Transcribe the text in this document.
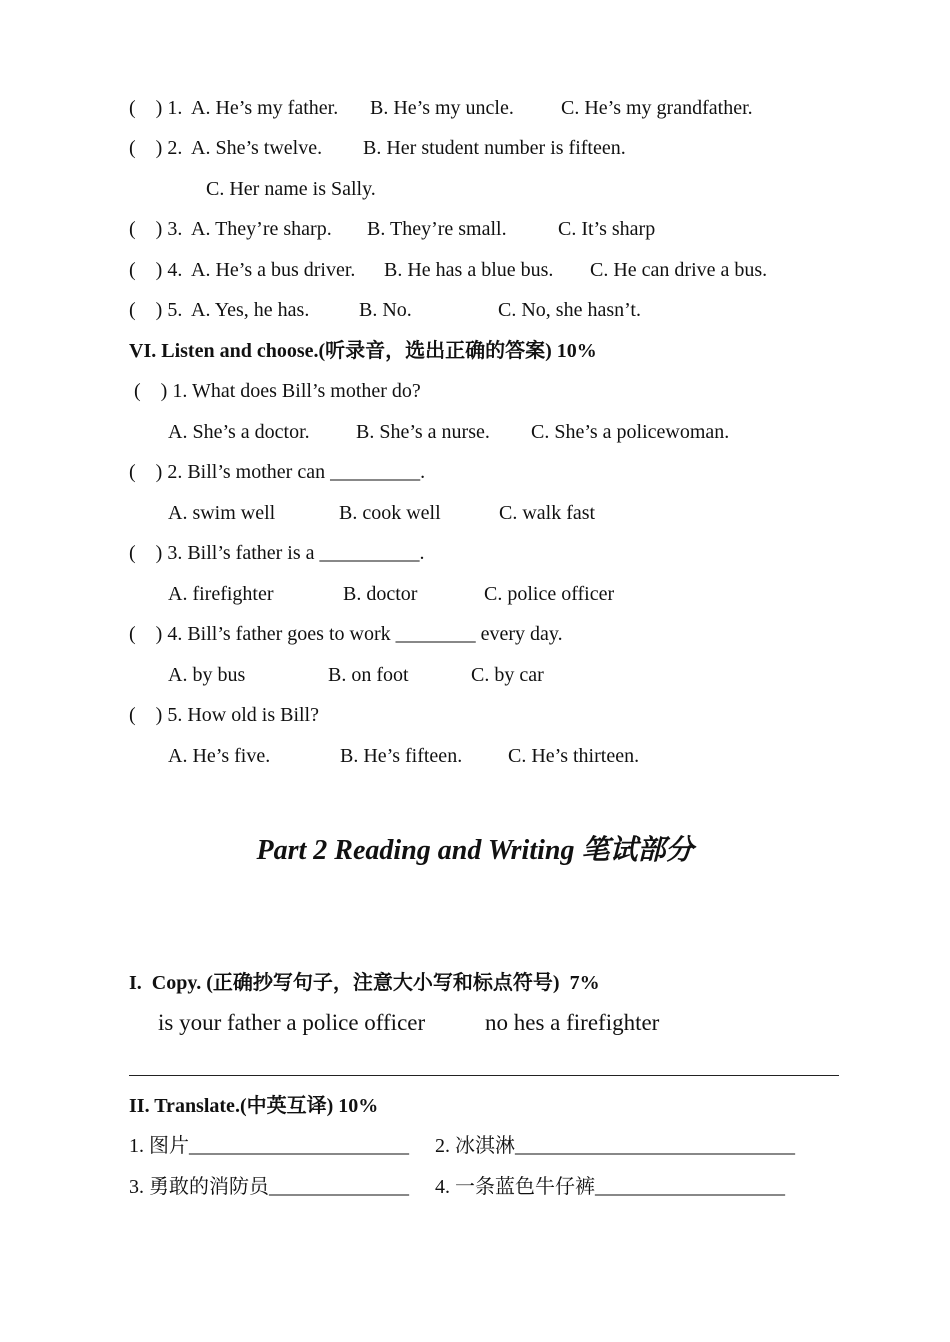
(    ) 1. A. He’s my father. B. He’s my uncle. C. He’s my grandfather.
(    ) 2. A. She’s twelve. B. Her student number is fifteen.
C. Her name is Sally.
(    ) 3. A. They’re sharp. B. They’re small.	C. It’s sharp
(    ) 4. A. He’s a bus driver. B. He has a blue bus. C. He can drive a bus.
(    ) 5. A. Yes, he has. B. No.	C. No, she hasn’t.
VI. Listen and choose.(听录音，选出正确的答案) 10%
(    ) 1. What does Bill’s mother do?
A. She’s a doctor. B. She’s a nurse. C. She’s a policewoman.
(    ) 2. Bill’s mother can _________.
A. swim well	B. cook well	C. walk fast
(    ) 3. Bill’s father is a __________.
A. firefighter	B. doctor	C. police officer
(    ) 4. Bill’s father goes to work ________ every day.
A. by bus	B. on foot	C. by car
(    ) 5. How old is Bill?
A. He’s five.	B. He’s fifteen. C. He’s thirteen.
Part 2 Reading and Writing 笔试部分
I.  Copy. (正确抄写句子，注意大小写和标点符号)  7%
is your father a police officer	no hes a firefighter
II. Translate.(中英互译) 10%
1. 图片______________________ 2. 冰淇淋____________________________
3. 勇敢的消防员______________ 4. 一条蓝色牛仔裤___________________
